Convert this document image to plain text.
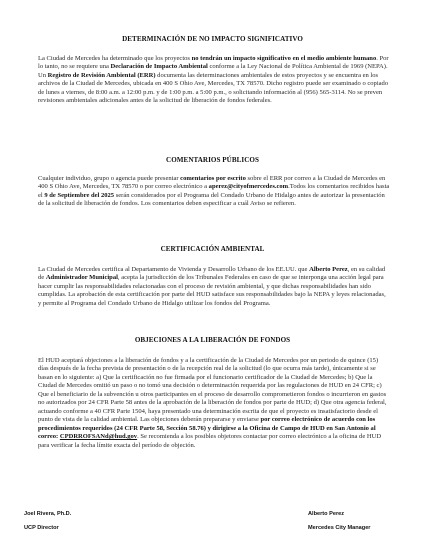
DETERMINACIÓN DE NO IMPACTO SIGNIFICATIVO
La Ciudad de Mercedes ha determinado que los proyectos no tendrán un impacto significativo en el medio ambiente humano. Por lo tanto, no se requiere una Declaración de Impacto Ambiental conforme a la Ley Nacional de Política Ambiental de 1969 (NEPA). Un Registro de Revisión Ambiental (ERR) documenta las determinaciones ambientales de estos proyectos y se encuentra en los archivos de la Ciudad de Mercedes, ubicada en 400 S Ohio Ave, Mercedes, TX 78570. Dicho registro puede ser examinado o copiado de lunes a viernes, de 8:00 a.m. a 12:00 p.m. y de 1:00 p.m. a 5:00 p.m., o solicitando información al (956) 565-3114. No se preven revisiones ambientales adicionales antes de la solicitud de liberación de fondos federales.
COMENTARIOS PÚBLICOS
Cualquier individuo, grupo o agencia puede presentar comentarios por escrito sobre el ERR por correo a la Ciudad de Mercedes en 400 S Ohio Ave, Mercedes, TX 78570 o por correo electrónico a aperez@cityofmercedes.com.Todos los comentarios recibidos hasta el 9 de Septiembre del 2025 serán considerados por el Programa del Condado Urbano de Hidalgo antes de autorizar la presentación de la solicitud de liberación de fondos. Los comentarios deben especificar a cuál Aviso se refieren.
CERTIFICACIÓN AMBIENTAL
La Ciudad de Mercedes certifica al Departamento de Vivienda y Desarrollo Urbano de los EE.UU. que Alberto Perez, en su calidad de Administrador Municipal, acepta la jurisdicción de los Tribunales Federales en caso de que se interponga una acción legal para hacer cumplir las responsabilidades relacionadas con el proceso de revisión ambiental, y que dichas responsabilidades han sido cumplidas. La aprobación de esta certificación por parte del HUD satisface sus responsabilidades bajo la NEPA y leyes relacionadas, y permite al Programa del Condado Urbano de Hidalgo utilizar los fondos del Programa.
OBJECIONES A LA LIBERACIÓN DE FONDOS
El HUD aceptará objeciones a la liberación de fondos y a la certificación de la Ciudad de Mercedes por un periodo de quince (15) días después de la fecha prevista de presentación o de la recepción real de la solicitud (lo que ocurra más tarde), únicamente si se basan en lo siguiente: a) Que la certificación no fue firmada por el funcionario certificador de la Ciudad de Mercedes; b) Que la Ciudad de Mercedes omitió un paso o no tomó una decisión o determinación requerida por las regulaciones de HUD en 24 CFR; c) Que el beneficiario de la subvención u otros participantes en el proceso de desarrollo comprometieron fondos o incurrieron en gastos no autorizados por 24 CFR Parte 58 antes de la aprobación de la liberación de fondos por parte de HUD; d) Que otra agencia federal, actuando conforme a 40 CFR Parte 1504, haya presentado una determinación escrita de que el proyecto es insatisfactorio desde el punto de vista de la calidad ambiental. Las objeciones deberán prepararse y enviarse por correo electrónico de acuerdo con los procedimientos requeridos (24 CFR Parte 58, Sección 58.76) y dirigirse a la Oficina de Campo de HUD en San Antonio al correo: CPDRROFSANd@hud.gov. Se recomienda a los posibles objetores contactar por correo electrónico a la oficina de HUD para verificar la fecha límite exacta del período de objeción.
Joel Rivera, Ph.D.
UCP Director
Alberto Perez
Mercedes City Manager
